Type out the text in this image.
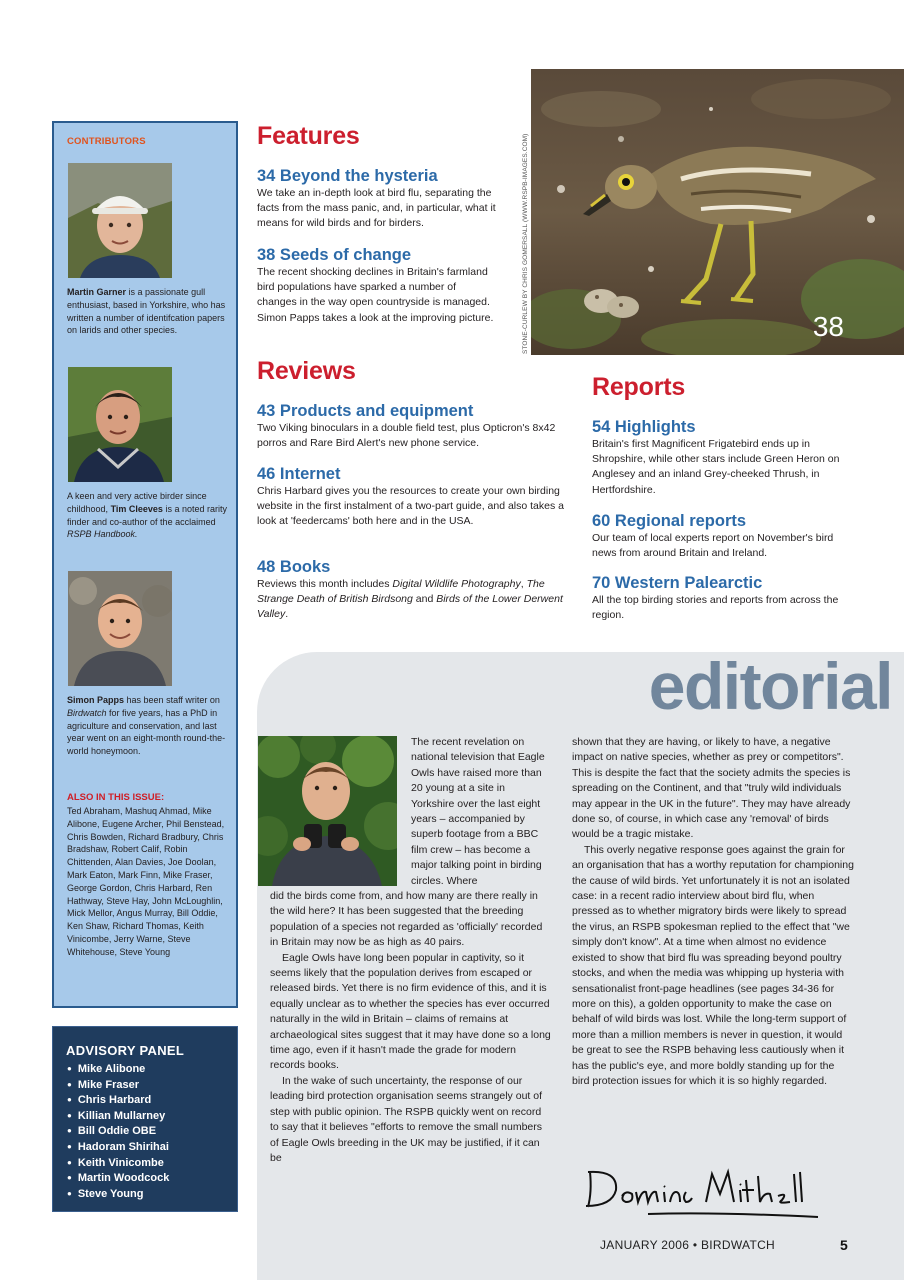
CONTRIBUTORS
Martin Garner is a passionate gull enthusiast, based in Yorkshire, who has written a number of identifcation papers on larids and other species.
A keen and very active birder since childhood, Tim Cleeves is a noted rarity finder and co-author of the acclaimed RSPB Handbook.
Simon Papps has been staff writer on Birdwatch for five years, has a PhD in agriculture and conservation, and last year went on an eight-month round-the-world honeymoon.
ALSO IN THIS ISSUE:
Ted Abraham, Mashuq Ahmad, Mike Alibone, Eugene Archer, Phil Benstead, Chris Bowden, Richard Bradbury, Chris Bradshaw, Robert Calif, Robin Chittenden, Alan Davies, Joe Doolan, Mark Eaton, Mark Finn, Mike Fraser, George Gordon, Chris Harbard, Ren Hathway, Steve Hay, John McLoughlin, Mick Mellor, Angus Murray, Bill Oddie, Ken Shaw, Richard Thomas, Keith Vinicombe, Jerry Warne, Steve Whitehouse, Steve Young
ADVISORY PANEL
● Mike Alibone
● Mike Fraser
● Chris Harbard
● Killian Mullarney
● Bill Oddie OBE
● Hadoram Shirihai
● Keith Vinicombe
● Martin Woodcock
● Steve Young
Features
34 Beyond the hysteria

We take an in-depth look at bird flu, separating the facts from the mass panic, and, in particular, what it means for wild birds and for birders.

38 Seeds of change

The recent shocking declines in Britain's farmland bird populations have sparked a number of changes in the way open countryside is managed. Simon Papps takes a look at the improving picture.	STONE-CURLEW BY CHRIS GOMERSALL (WWW.RSPB-IMAGES.COM)	38
Reviews
43 Products and equipment

Two Viking binoculars in a double field test, plus Opticron's 8x42 porros and Rare Bird Alert's new phone service.

46 Internet

Chris Harbard gives you the resources to create your own birding website in the first instalment of a two-part guide, and also takes a look at 'feedercams' both here and in the USA.

48 Books

Reviews this month includes Digital Wildlife Photography, The Strange Death of British Birdsong and Birds of the Lower Derwent Valley.

Reports
54 Highlights

Britain's first Magnificent Frigatebird ends up in Shropshire, while other stars include Green Heron on Anglesey and an inland Grey-cheeked Thrush, in Hertfordshire.

60 Regional reports

Our team of local experts report on November's bird news from around Britain and Ireland.

70 Western Palearctic

All the top birding stories and reports from across the region.

editorial

The recent revelation on national television that Eagle Owls have raised more than 20 young at a site in Yorkshire over the last eight years – accompanied by superb footage from a BBC film crew – has become a major talking point in birding circles. Where

did the birds come from, and how many are there really in the wild here? It has been suggested that the breeding population of a species not regarded as 'officially' recorded in Britain may now be as high as 40 pairs.

Eagle Owls have long been popular in captivity, so it seems likely that the population derives from escaped or released birds. Yet there is no firm evidence of this, and it is equally unclear as to whether the species has ever occurred naturally in the wild in Britain – claims of remains at archaeological sites suggest that it may have done so a long time ago, even if it hasn't made the grade for modern records books.

In the wake of such uncertainty, the response of our leading bird protection organisation seems strangely out of step with public opinion. The RSPB quickly went on record to say that it believes "efforts to remove the small numbers of Eagle Owls breeding in the UK may be justified, if it can be

shown that they are having, or likely to have, a negative impact on native species, whether as prey or competitors". This is despite the fact that the society admits the species is spreading on the Continent, and that "truly wild individuals may appear in the UK in the future". They may have already done so, of course, in which case any 'removal' of birds would be a tragic mistake.

This overly negative response goes against the grain for an organisation that has a worthy reputation for championing the cause of wild birds. Yet unfortunately it is not an isolated case: in a recent radio interview about bird flu, when pressed as to whether migratory birds were likely to spread the virus, an RSPB spokesman replied to the effect that "we simply don't know". At a time when almost no evidence existed to show that bird flu was spreading beyond poultry stocks, and when the media was whipping up hysteria with sensationalist front-page headlines (see pages 34-36 for more on this), a golden opportunity to make the case on behalf of wild birds was lost. While the long-term support of more than a million members is never in question, it would be great to see the RSPB behaving less cautiously when it has the public's eye, and more boldly standing up for the bird protection issues for which it is so highly regarded.

JANUARY 2006 • BIRDWATCH	5
